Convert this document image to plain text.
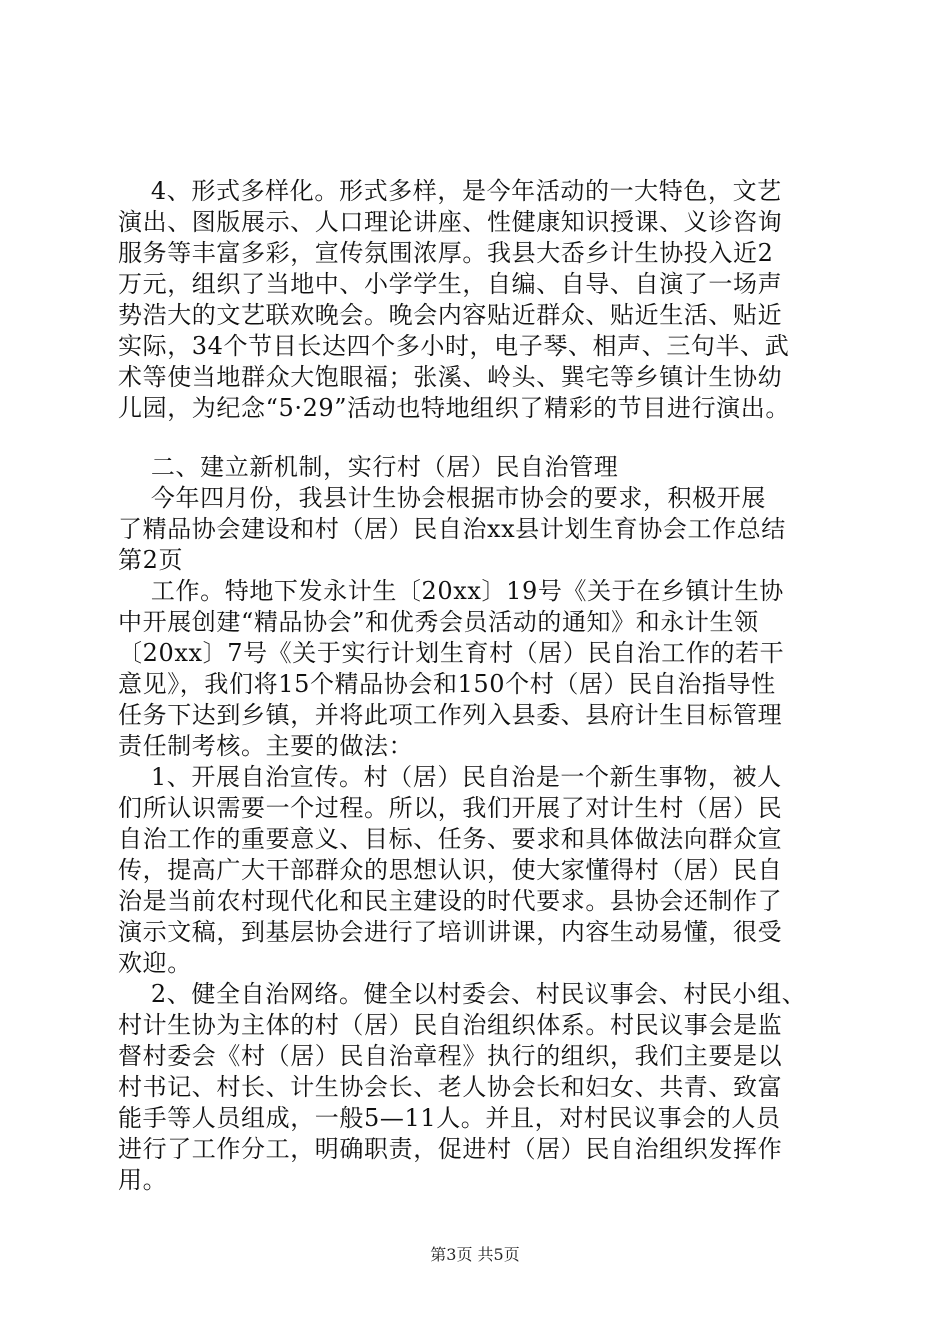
4、形式多样化。形式多样，是今年活动的一大特色，文艺
演出、图版展示、人口理论讲座、性健康知识授课、义诊咨询
服务等丰富多彩，宣传氛围浓厚。我县大岙乡计生协投入近2
万元，组织了当地中、小学学生，自编、自导、自演了一场声
势浩大的文艺联欢晚会。晚会内容贴近群众、贴近生活、贴近
实际，34个节目长达四个多小时，电子琴、相声、三句半、武
术等使当地群众大饱眼福；张溪、岭头、巽宅等乡镇计生协幼
儿园，为纪念“5·29”活动也特地组织了精彩的节目进行演出。
二、建立新机制，实行村（居）民自治管理
今年四月份，我县计生协会根据市协会的要求，积极开展
了精品协会建设和村（居）民自治xx县计划生育协会工作总结
第2页
工作。特地下发永计生〔20xx〕19号《关于在乡镇计生协
中开展创建“精品协会”和优秀会员活动的通知》和永计生领
〔20xx〕7号《关于实行计划生育村（居）民自治工作的若干
意见》，我们将15个精品协会和150个村（居）民自治指导性
任务下达到乡镇，并将此项工作列入县委、县府计生目标管理
责任制考核。主要的做法：
1、开展自治宣传。村（居）民自治是一个新生事物，被人
们所认识需要一个过程。所以，我们开展了对计生村（居）民
自治工作的重要意义、目标、任务、要求和具体做法向群众宣
传，提高广大干部群众的思想认识，使大家懂得村（居）民自
治是当前农村现代化和民主建设的时代要求。县协会还制作了
演示文稿，到基层协会进行了培训讲课，内容生动易懂，很受
欢迎。
2、健全自治网络。健全以村委会、村民议事会、村民小组、
村计生协为主体的村（居）民自治组织体系。村民议事会是监
督村委会《村（居）民自治章程》执行的组织，我们主要是以
村书记、村长、计生协会长、老人协会长和妇女、共青、致富
能手等人员组成，一般5—11人。并且，对村民议事会的人员
进行了工作分工，明确职责，促进村（居）民自治组织发挥作
用。
第3页 共5页
